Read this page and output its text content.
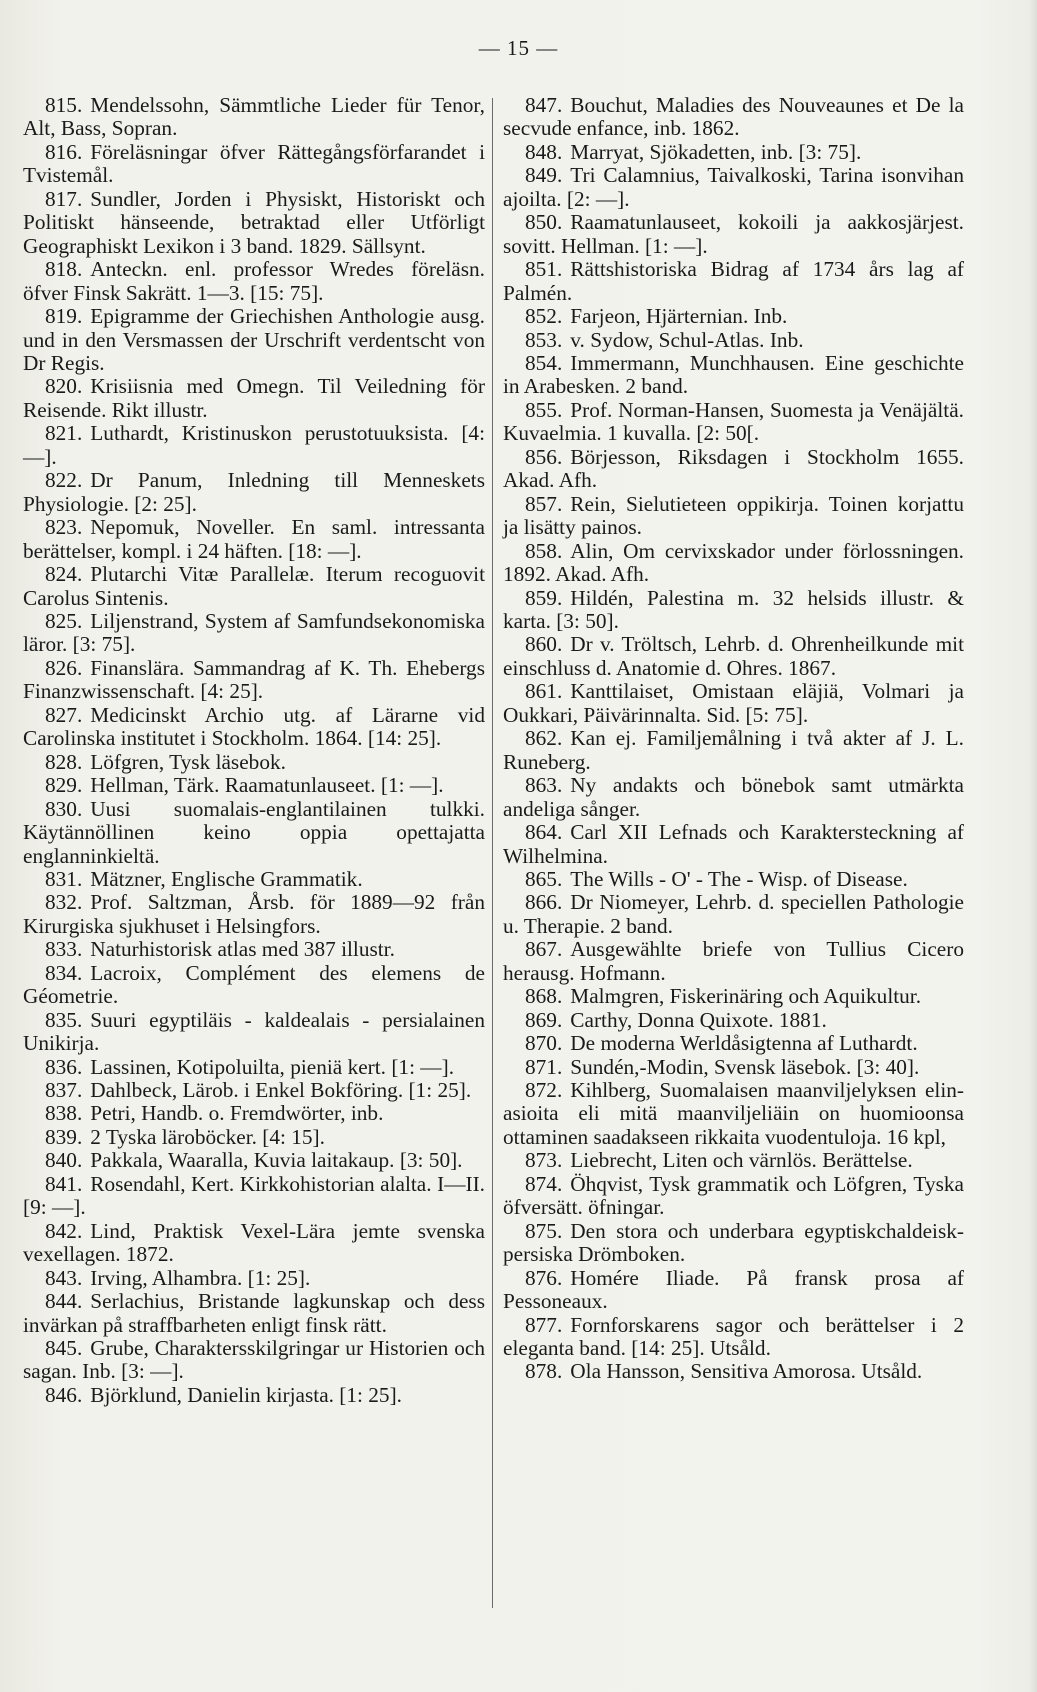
— 15 —

815. Mendelssohn, Sämmtliche Lieder für Tenor, Alt, Bass, Sopran.

816. Föreläsningar öfver Rättegångsförfarandet i Tvistemål.

817. Sundler, Jorden i Physiskt, Historiskt och Politiskt hänseende, betraktad eller Utförligt Geographiskt Lexikon i 3 band. 1829. Sällsynt.

818. Anteckn. enl. professor Wredes föreläsn. öfver Finsk Sakrätt. 1—3. [15: 75].

819. Epigramme der Griechishen Anthologie ausg. und in den Versmassen der Urschrift verdentscht von Dr Regis.

820. Krisiisnia med Omegn. Til Veiledning för Reisende. Rikt illustr.

821. Luthardt, Kristinuskon perustotuuksista. [4: —].

822. Dr Panum, Inledning till Menneskets Physiologie. [2: 25].

823. Nepomuk, Noveller. En saml. intressanta berättelser, kompl. i 24 häften. [18: —].

824. Plutarchi Vitæ Parallelæ. Iterum recoguovit Carolus Sintenis.

825. Liljenstrand, System af Samfundsekonomiska läror. [3: 75].

826. Finanslära. Sammandrag af K. Th. Ehebergs Finanzwissenschaft. [4: 25].

827. Medicinskt Archio utg. af Lärarne vid Carolinska institutet i Stockholm. 1864. [14: 25].

828. Löfgren, Tysk läsebok.

829. Hellman, Tärk. Raamatunlauseet. [1: —].

830. Uusi suomalais-englantilainen tulkki. Käytännöllinen keino oppia opettajatta englanninkieltä.

831. Mätzner, Englische Grammatik.

832. Prof. Saltzman, Årsb. för 1889—92 från Kirurgiska sjukhuset i Helsingfors.

833. Naturhistorisk atlas med 387 illustr.

834. Lacroix, Complément des elemens de Géometrie.

835. Suuri egyptiläis - kaldealais - persialainen Unikirja.

836. Lassinen, Kotipoluilta, pieniä kert. [1: —].

837. Dahlbeck, Lärob. i Enkel Bokföring. [1: 25].

838. Petri, Handb. o. Fremdwörter, inb.

839. 2 Tyska läroböcker. [4: 15].

840. Pakkala, Waaralla, Kuvia laitakaup. [3: 50].

841. Rosendahl, Kert. Kirkkohistorian alalta. I—II. [9: —].

842. Lind, Praktisk Vexel-Lära jemte svenska vexellagen. 1872.

843. Irving, Alhambra. [1: 25].

844. Serlachius, Bristande lagkunskap och dess invärkan på straffbarheten enligt finsk rätt.

845. Grube, Charaktersskilgringar ur Historien och sagan. Inb. [3: —].

846. Björklund, Danielin kirjasta. [1: 25].

847. Bouchut, Maladies des Nouveaunes et De la secvude enfance, inb. 1862.

848. Marryat, Sjökadetten, inb. [3: 75].

849. Tri Calamnius, Taivalkoski, Tarina isonvihan ajoilta. [2: —].

850. Raamatunlauseet, kokoili ja aakkosjärjest. sovitt. Hellman. [1: —].

851. Rättshistoriska Bidrag af 1734 års lag af Palmén.

852. Farjeon, Hjärternian. Inb.

853. v. Sydow, Schul-Atlas. Inb.

854. Immermann, Munchhausen. Eine geschichte in Arabesken. 2 band.

855. Prof. Norman-Hansen, Suomesta ja Venäjältä. Kuvaelmia. 1 kuvalla. [2: 50[.

856. Börjesson, Riksdagen i Stockholm 1655. Akad. Afh.

857. Rein, Sielutieteen oppikirja. Toinen korjattu ja lisätty painos.

858. Alin, Om cervixskador under förlossningen. 1892. Akad. Afh.

859. Hildén, Palestina m. 32 helsids illustr. & karta. [3: 50].

860. Dr v. Tröltsch, Lehrb. d. Ohrenheilkunde mit einschluss d. Anatomie d. Ohres. 1867.

861. Kanttilaiset, Omistaan eläjiä, Volmari ja Oukkari, Päivärinnalta. Sid. [5: 75].

862. Kan ej. Familjemålning i två akter af J. L. Runeberg.

863. Ny andakts och bönebok samt utmärkta andeliga sånger.

864. Carl XII Lefnads och Karaktersteckning af Wilhelmina.

865. The Wills - O' - The - Wisp. of Disease.

866. Dr Niomeyer, Lehrb. d. speciellen Pathologie u. Therapie. 2 band.

867. Ausgewählte briefe von Tullius Cicero herausg. Hofmann.

868. Malmgren, Fiskerinäring och Aquikultur.

869. Carthy, Donna Quixote. 1881.

870. De moderna Werldåsigtenna af Luthardt.

871. Sundén,-Modin, Svensk läsebok. [3: 40].

872. Kihlberg, Suomalaisen maanviljelyksen elin-asioita eli mitä maanviljeliäin on huomioonsa ottaminen saadakseen rikkaita vuodentuloja. 16 kpl,

873. Liebrecht, Liten och värnlös. Berättelse.

874. Öhqvist, Tysk grammatik och Löfgren, Tyska öfversätt. öfningar.

875. Den stora och underbara egyptiskchaldeisk-persiska Drömboken.

876. Homére Iliade. På fransk prosa af Pessoneaux.

877. Fornforskarens sagor och berättelser i 2 eleganta band. [14: 25]. Utsåld.

878. Ola Hansson, Sensitiva Amorosa. Utsåld.
